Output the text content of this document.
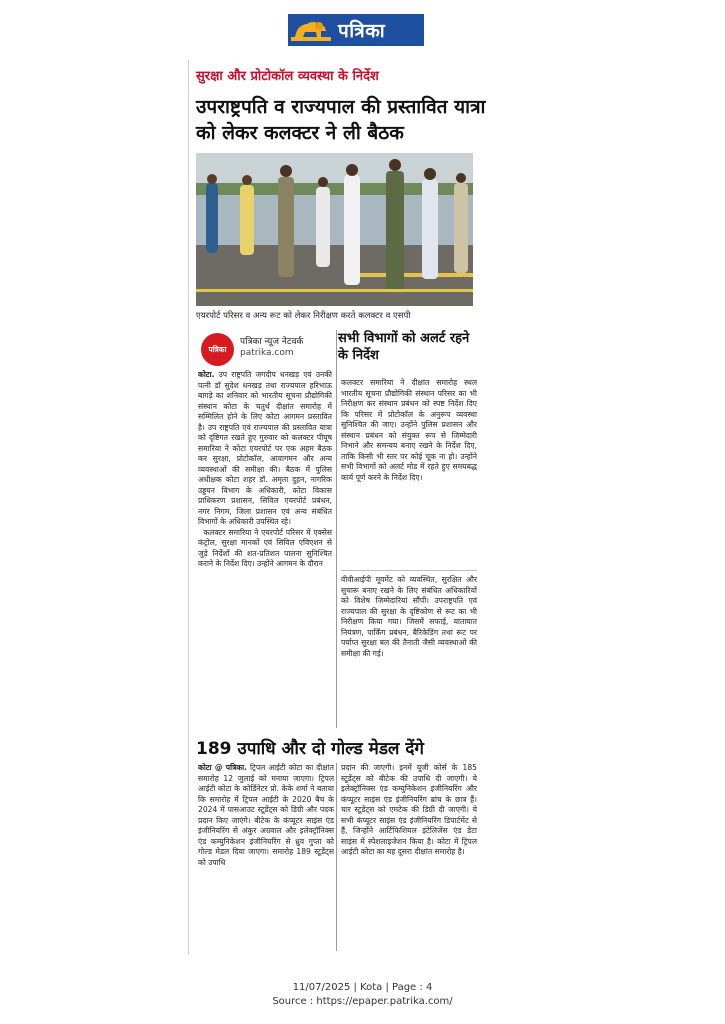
पत्रिका
सुरक्षा और प्रोटोकॉल व्यवस्था के निर्देश
उपराष्ट्रपति व राज्यपाल की प्रस्तावित यात्रा को लेकर कलक्टर ने ली बैठक
एयरपोर्ट परिसर व अन्य रूट को लेकर निरीक्षण करते कलक्टर व एसपी
पत्रिका
पत्रिका न्यूज नेटवर्क
patrika.com
सभी विभागों को अलर्ट रहने के निर्देश
कोटा. उप राष्ट्रपति जगदीप धनखड़ एवं उनकी पत्नी डॉ सुदेश धनखड़ तथा राज्यपाल हरिभाऊ बागड़े का शनिवार को भारतीय सूचना प्रौद्योगिकी संस्थान कोटा के चतुर्थ दीक्षांत समारोह में सम्मिलित होने के लिए कोटा आगमन प्रस्तावित है। उप राष्ट्रपति एवं राज्यपाल की प्रस्तावित यात्रा को दृष्टिगत रखते हुए गुरुवार को कलक्टर पीयूष समारिया ने कोटा एयरपोर्ट पर एक अहम बैठक कर सुरक्षा, प्रोटोकॉल, आवागमन और अन्य व्यवस्थाओं की समीक्षा की। बैठक में पुलिस अधीक्षक कोटा शहर डॉ. अमृता दुहन, नागरिक उड्डयन विभाग के अधिकारी, कोटा विकास प्राधिकरण प्रशासन, सिविल एयरपोर्ट प्रबंधन, नगर निगम, जिला प्रशासन एवं अन्य संबंधित विभागों के अधिकारी उपस्थित रहे।
कलक्टर समारिया ने एयरपोर्ट परिसर में एक्सेस कंट्रोल, सुरक्षा मानकों एवं सिविल एविएशन से जुड़े निर्देशों की शत-प्रतिशत पालना सुनिश्चित कराने के निर्देश दिए। उन्होंने आगमन के दौरान
कलक्टर समारिया ने दीक्षांत समारोह स्थल भारतीय सूचना प्रौद्योगिकी संस्थान परिसर का भी निरीक्षण कर संस्थान प्रबंधन को स्पष्ट निर्देश दिए कि परिसर में प्रोटोकॉल के अनुरूप व्यवस्था सुनिश्चित की जाए। उन्होंने पुलिस प्रशासन और संस्थान प्रबंधन को संयुक्त रूप से जिम्मेदारी निभाने और समन्वय बनाए रखने के निर्देश दिए, ताकि किसी भी स्तर पर कोई चूक ना हो। उन्होंने सभी विभागों को अलर्ट मोड में रहते हुए समयबद्ध कार्य पूर्ण करने के निर्देश दिए।
वीवीआईपी मूवमेंट को व्यवस्थित, सुरक्षित और सुचारू बनाए रखने के लिए संबंधित अधिकारियों को विशेष जिम्मेदारियां सौंपीं। उपराष्ट्रपति एवं राज्यपाल की सुरक्षा के दृष्टिकोण से रूट का भी निरीक्षण किया गया। जिसमें सफाई, यातायात नियंत्रण, पार्किंग प्रबंधन, बैरिकेडिंग तथा रूट पर पर्याप्त सुरक्षा बल की तैनाती जैसी व्यवस्थाओं की समीक्षा की गई।
189 उपाधि और दो गोल्ड मेडल देंगे
कोटा @ पत्रिका. ट्रिपल आईटी कोटा का दीक्षांत समारोह 12 जुलाई को मनाया जाएगा। ट्रिपल आईटी कोटा के कोर्डिनेटर प्रो. केके शर्मा ने बताया कि समारोह में ट्रिपल आईटी के 2020 बैच के 2024 में पासआउट स्टूडेंट्स को डिग्री और पदक प्रदान किए जाएंगे। बीटेक के कंप्यूटर साइंस एंड इंजीनियरिंग से अंकुर अग्रवाल और इलेक्ट्रॉनिक्स एंड कम्युनिकेशन इंजीनियरिंग से ध्रुव गुप्ता को गोल्ड मेडल दिया जाएगा। समारोह 189 स्टूडेंट्स को उपाधि
प्रदान की जाएगी। इनमें यूजी कोर्स के 185 स्टूडेंट्स को बीटेक की उपाधि दी जाएगी। ये इलेक्ट्रॉनिक्स एंड कम्युनिकेशन इंजीनियरिंग और कंप्यूटर साइंस एंड इंजीनियरिंग ब्रांच के छात्र हैं। चार स्टूडेंट्स को एमटेक की डिग्री दी जाएगी। ये सभी कंप्यूटर साइंस एंड इंजीनियरिंग डिपार्टमेंट से हैं, जिन्होंने आर्टिफिशियल इंटेलिजेंस एंड डेटा साइंस में स्पेशलाइजेशन किया है। कोटा में ट्रिपल आईटी कोटा का यह दूसरा दीक्षांत समारोह है।
11/07/2025 | Kota | Page : 4
Source : https://epaper.patrika.com/
